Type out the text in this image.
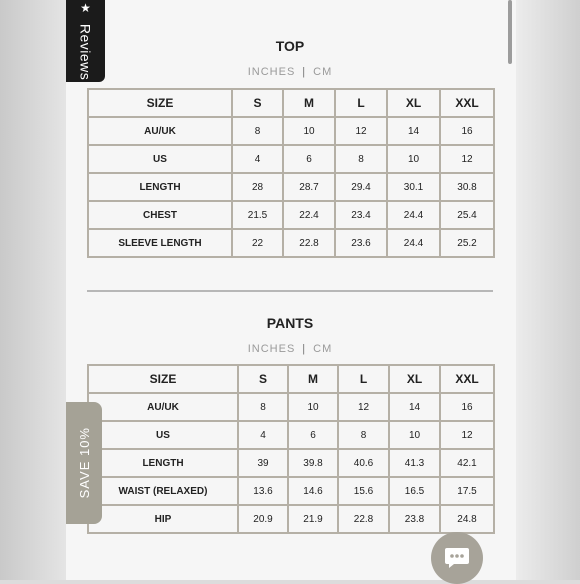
★ Reviews	TOP
INCHES | CM
SIZE	S	M	L	XL	XXL
AU/UK	8	10	12	14	16
US	4	6	8	10	12
LENGTH	28	28.7	29.4	30.1	30.8
CHEST	21.5	22.4	23.4	24.4	25.4
SLEEVE LENGTH	22	22.8	23.6	24.4	25.2
PANTS
INCHES | CM
SIZE	S	M	L	XL	XXL
AU/UK	8	10	12	14	16
US	4	6	8	10	12
LENGTH	39	39.8	40.6	41.3	42.1
WAIST (RELAXED)	13.6	14.6	15.6	16.5	17.5
HIP	20.9	21.9	22.8	23.8	24.8
SAVE 10%
